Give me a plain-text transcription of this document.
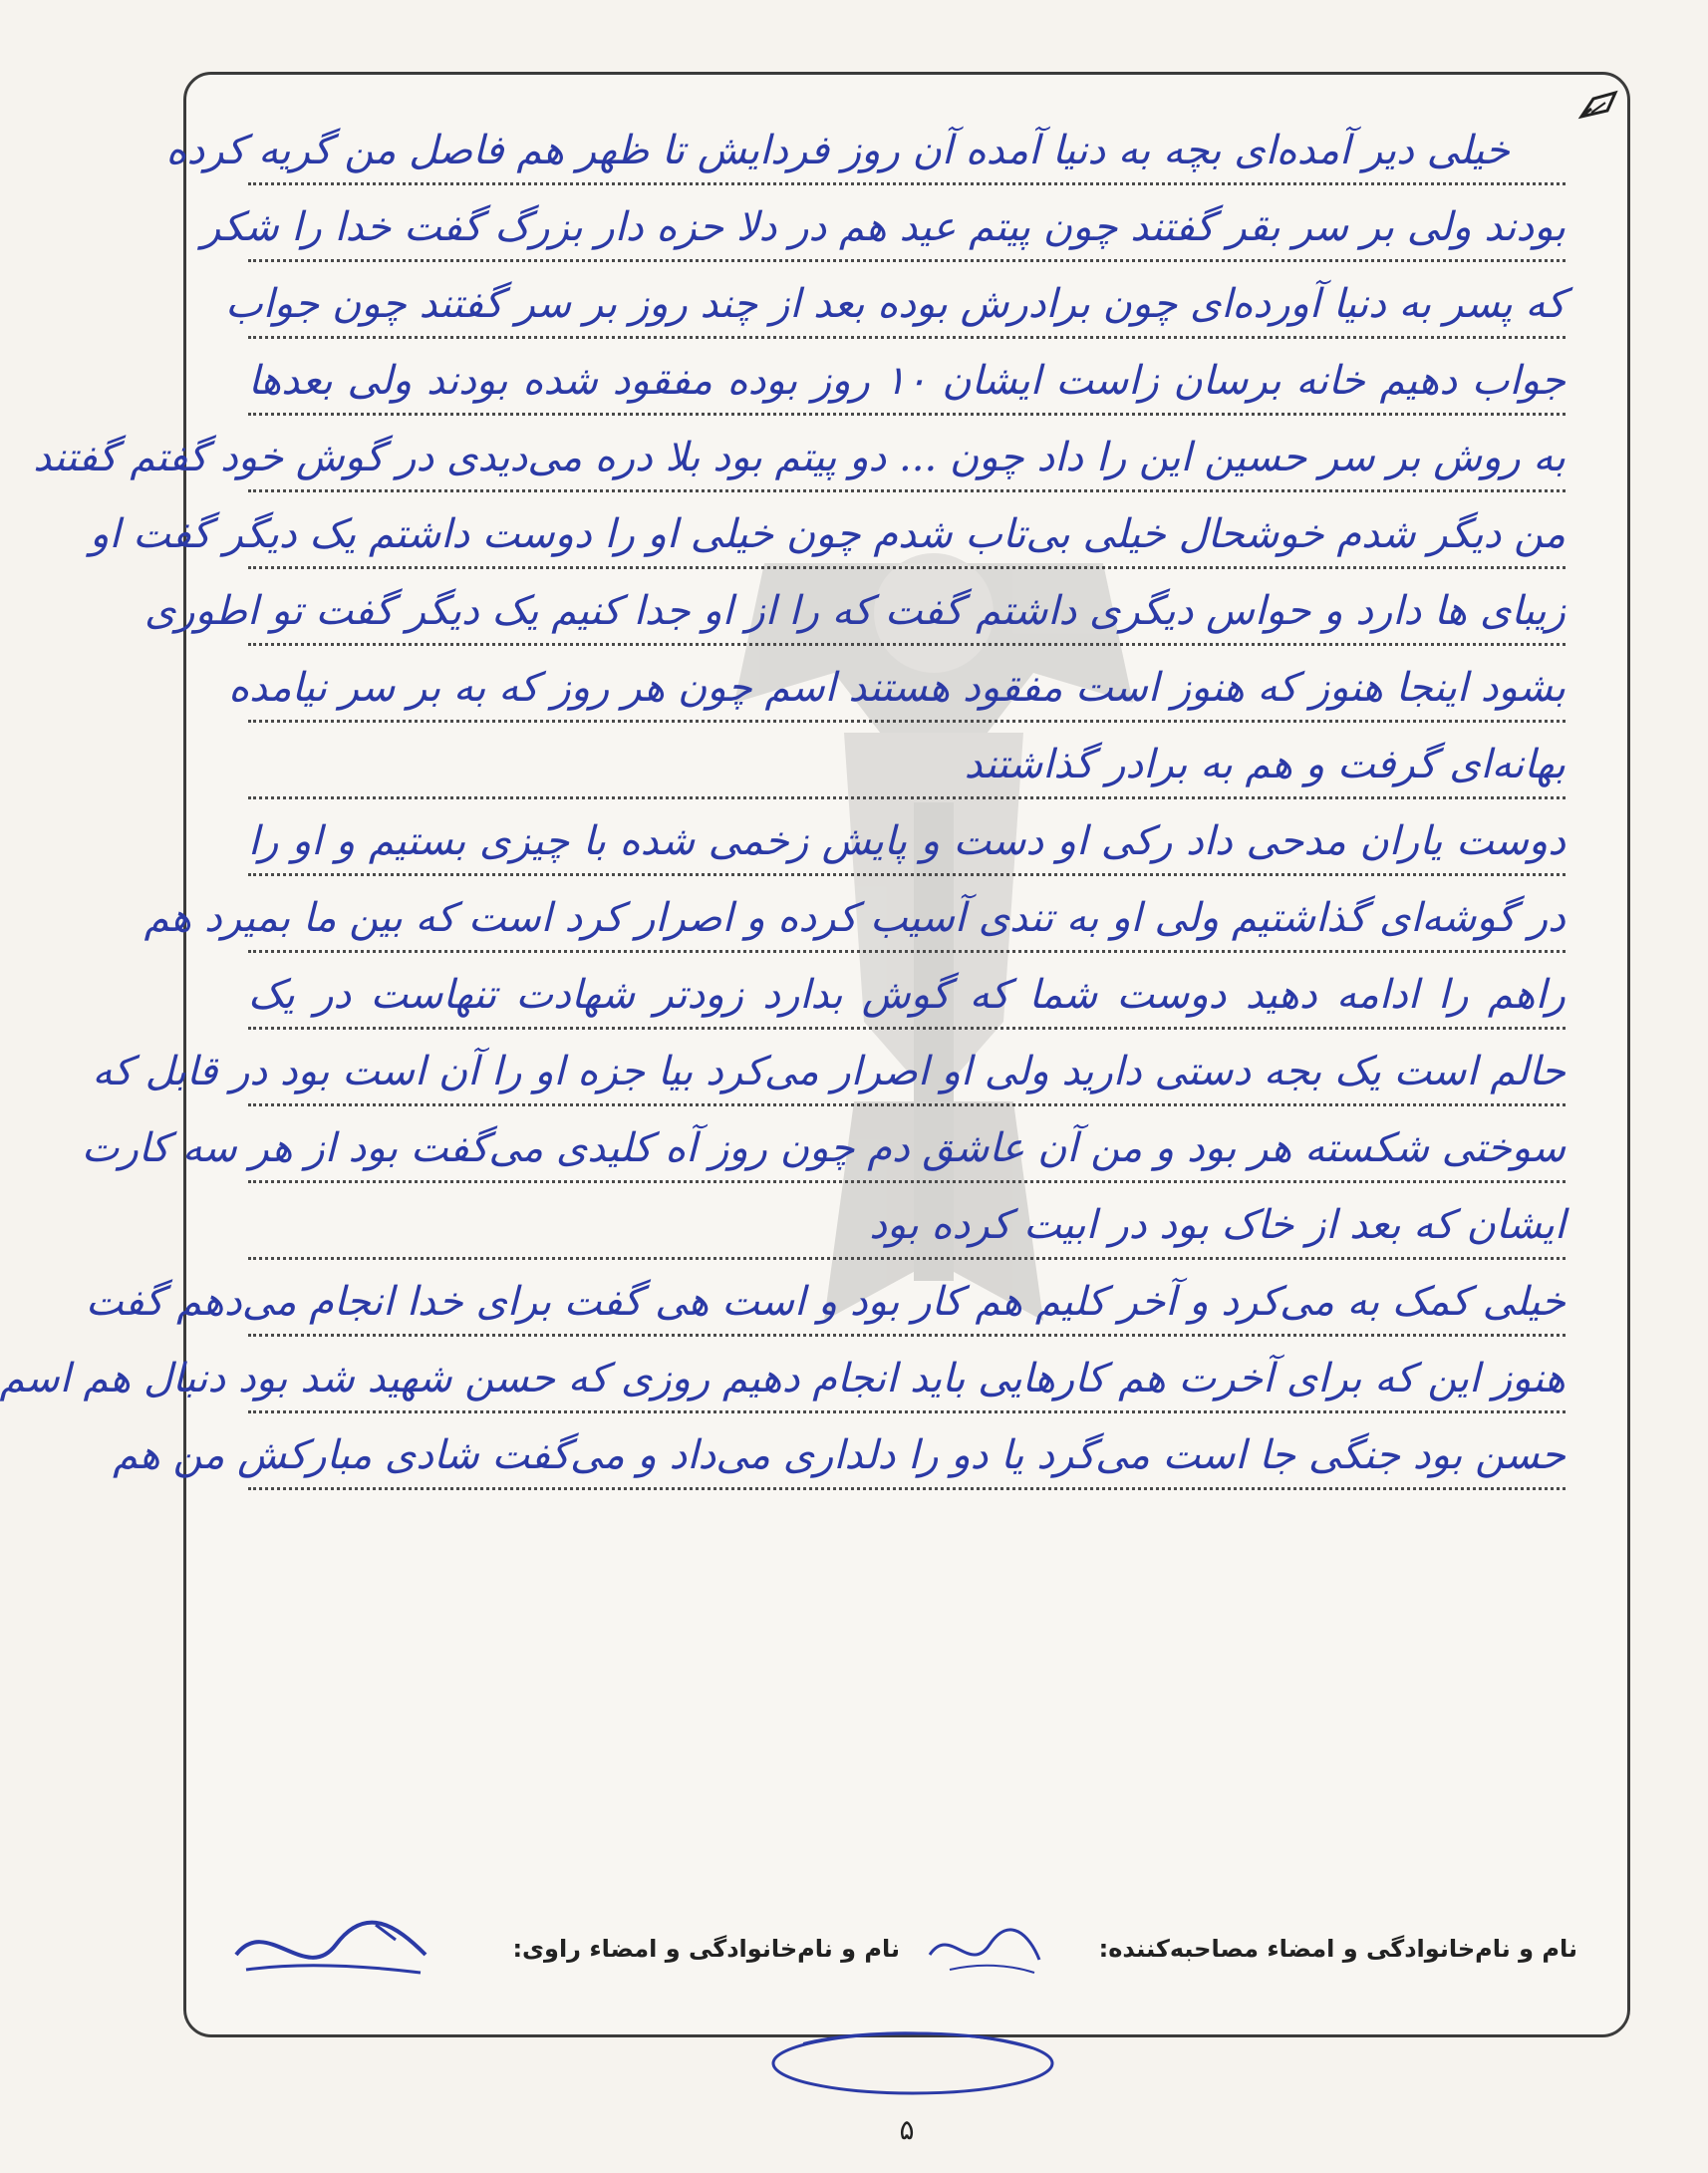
خیلی دیر آمده‌ای بچه به دنیا آمده آن روز فردایش تا ظهر هم فاصل من گریه کرده
بودند ولی بر سر بقر گفتند چون پیتم عید هم در دلا حزه دار بزرگ گفت خدا را شکر
که پسر به دنیا آورده‌ای چون برادرش بوده بعد از چند روز بر سر گفتند چون جواب
جواب دهیم خانه برسان زاست ایشان ۱۰ روز بوده مفقود شده بودند ولی بعدها
به روش بر سر حسین این را داد چون ... دو پیتم بود بلا دره می‌دیدی در گوش خود گفتم گفتند
من دیگر شدم خوشحال خیلی بی‌تاب شدم چون خیلی او را دوست داشتم یک دیگر گفت او
زیبای ها دارد و حواس دیگری داشتم گفت که را از او جدا کنیم یک دیگر گفت تو اطوری
بشود اینجا هنوز که هنوز است مفقود هستند اسم چون هر روز که به بر سر نیامده
بهانه‌ای گرفت و هم به برادر گذاشتند
دوست یاران مدحی داد رکی او دست و پایش زخمی شده با چیزی بستیم و او را
در گوشه‌ای گذاشتیم ولی او به تندی آسیب کرده و اصرار کرد است که بین ما بمیرد هم
راهم را ادامه دهید دوست شما که گوش بدارد زودتر شهادت تنهاست در یک
حالم است یک بجه دستی دارید ولی او اصرار می‌کرد بیا جزه او را آن است بود در قابل که
سوختی شکسته هر بود و من آن عاشق دم چون روز آه کلیدی می‌گفت بود از هر سه کارت
ایشان که بعد از خاک بود در ابیت کرده بود
خیلی کمک به می‌کرد و آخر کلیم هم کار بود و است هی گفت برای خدا انجام می‌دهم گفت
هنوز این که برای آخرت هم کارهایی باید انجام دهیم روزی که حسن شهید شد بود دنبال هم اسم
حسن بود جنگی جا است می‌گرد یا دو را دلداری می‌داد و می‌گفت شادی مبارکش من هم
نام و نام‌خانوادگی و امضاء مصاحبه‌کننده:
نام و نام‌خانوادگی و امضاء راوی:
۵
